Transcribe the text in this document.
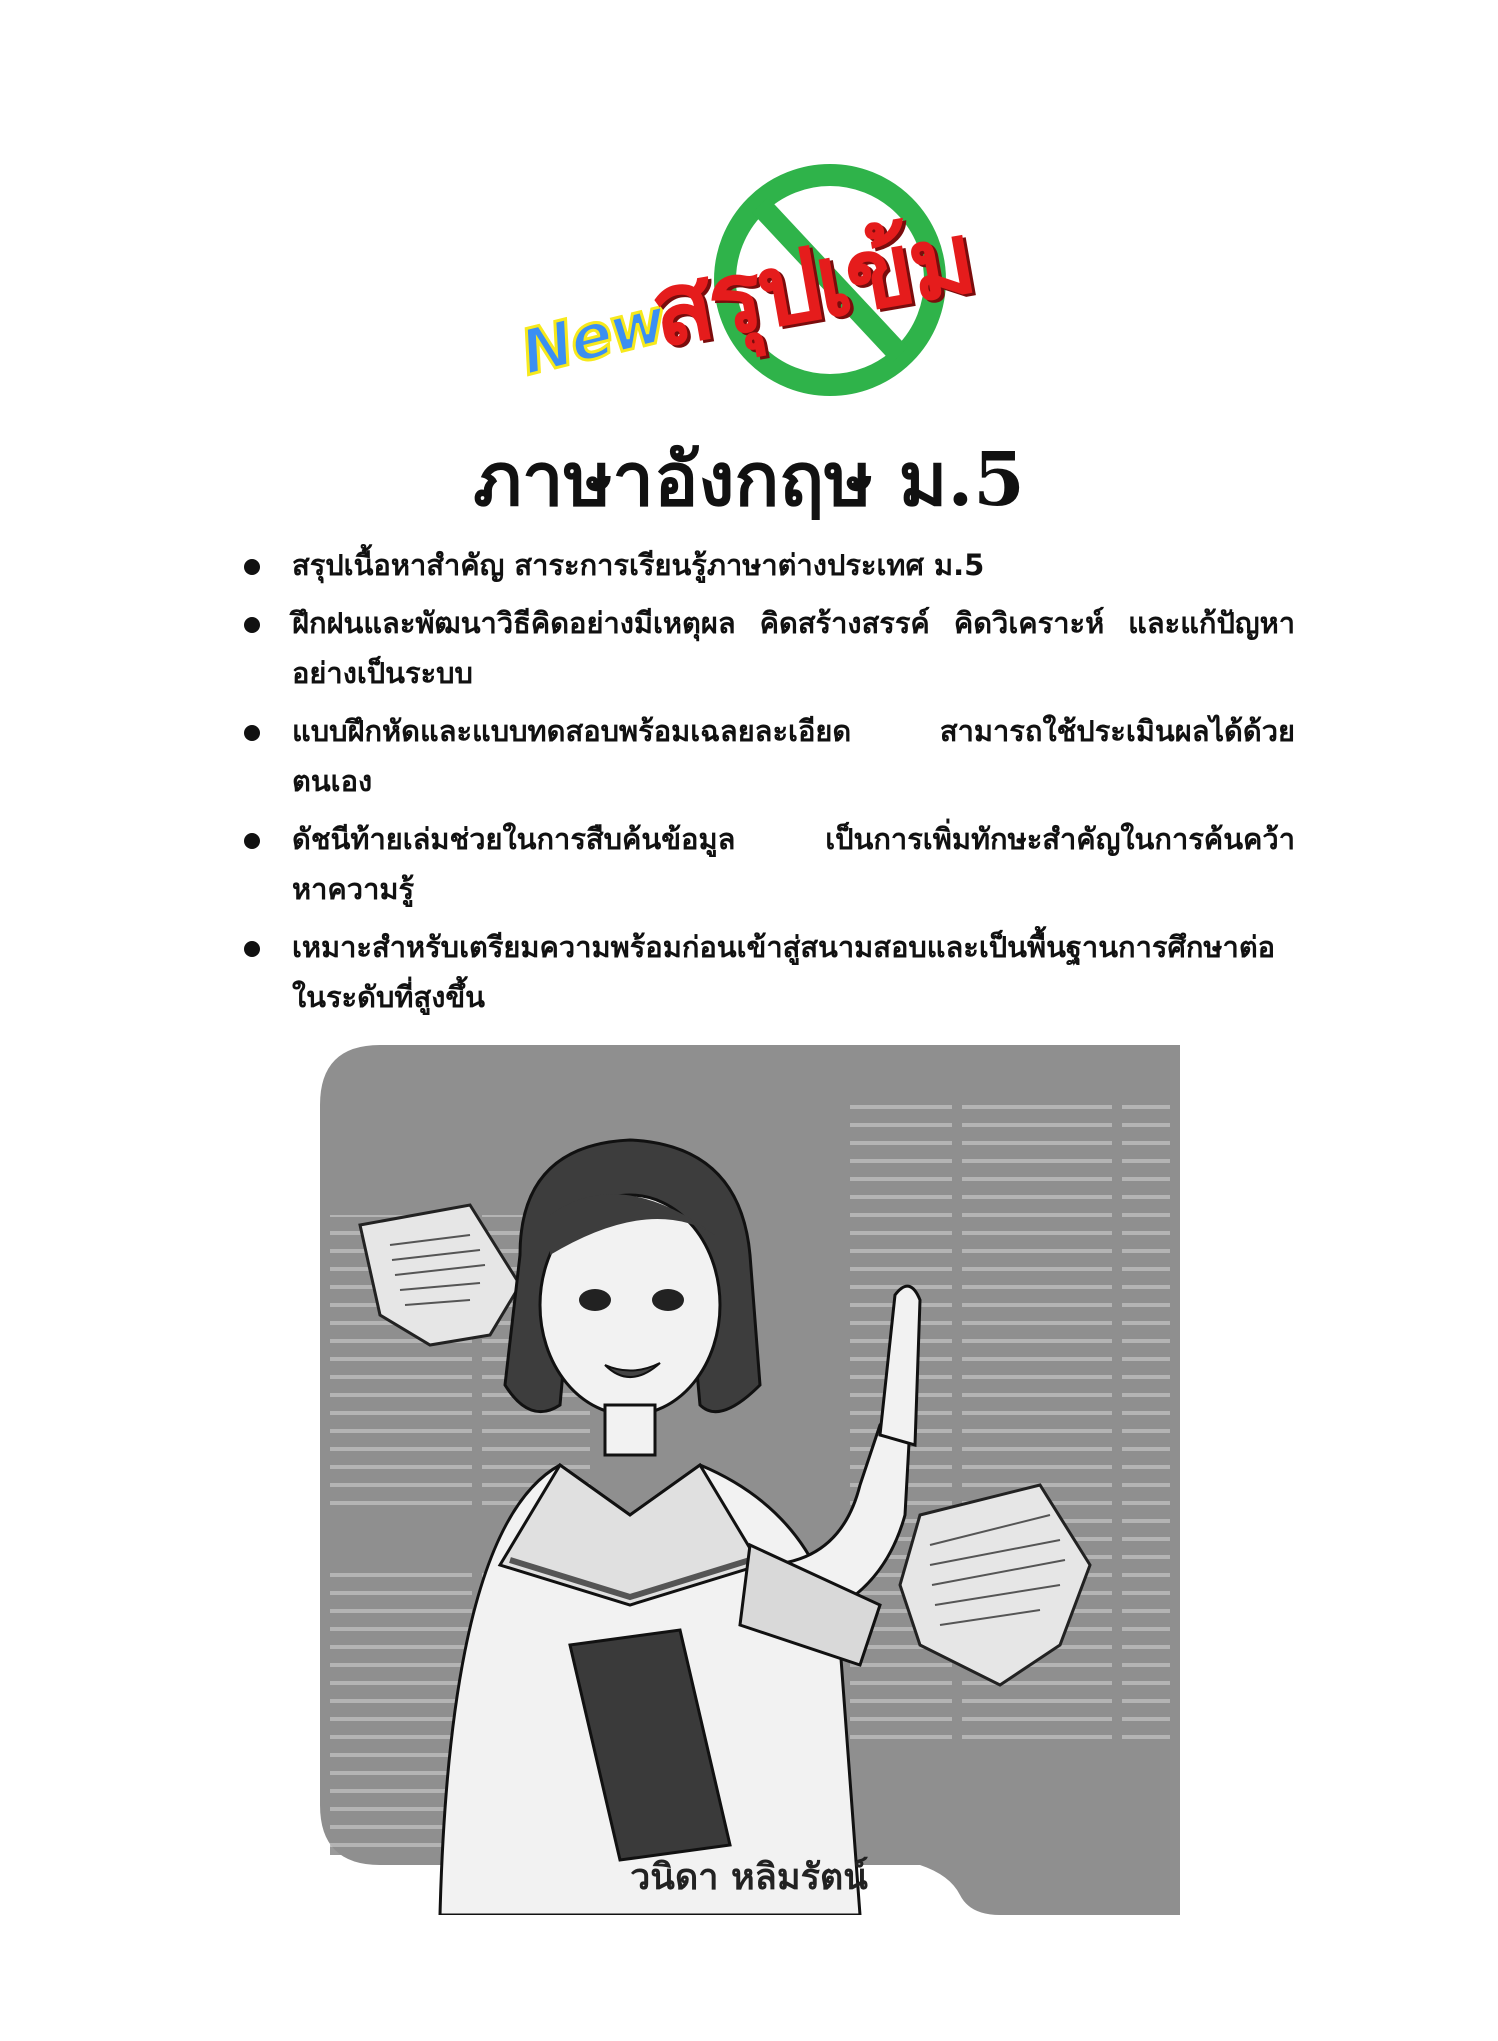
New
สรุปเข้ม
ภาษาอังกฤษ ม.5
สรุปเนื้อหาสำคัญ สาระการเรียนรู้ภาษาต่างประเทศ ม.5
ฝึกฝนและพัฒนาวิธีคิดอย่างมีเหตุผล คิดสร้างสรรค์ คิดวิเคราะห์ และแก้ปัญหาอย่างเป็นระบบ
แบบฝึกหัดและแบบทดสอบพร้อมเฉลยละเอียด สามารถใช้ประเมินผลได้ด้วยตนเอง
ดัชนีท้ายเล่มช่วยในการสืบค้นข้อมูล เป็นการเพิ่มทักษะสำคัญในการค้นคว้าหาความรู้
เหมาะสำหรับเตรียมความพร้อมก่อนเข้าสู่สนามสอบและเป็นพื้นฐานการศึกษาต่อในระดับที่สูงขึ้น
วนิดา หลิมรัตน์
